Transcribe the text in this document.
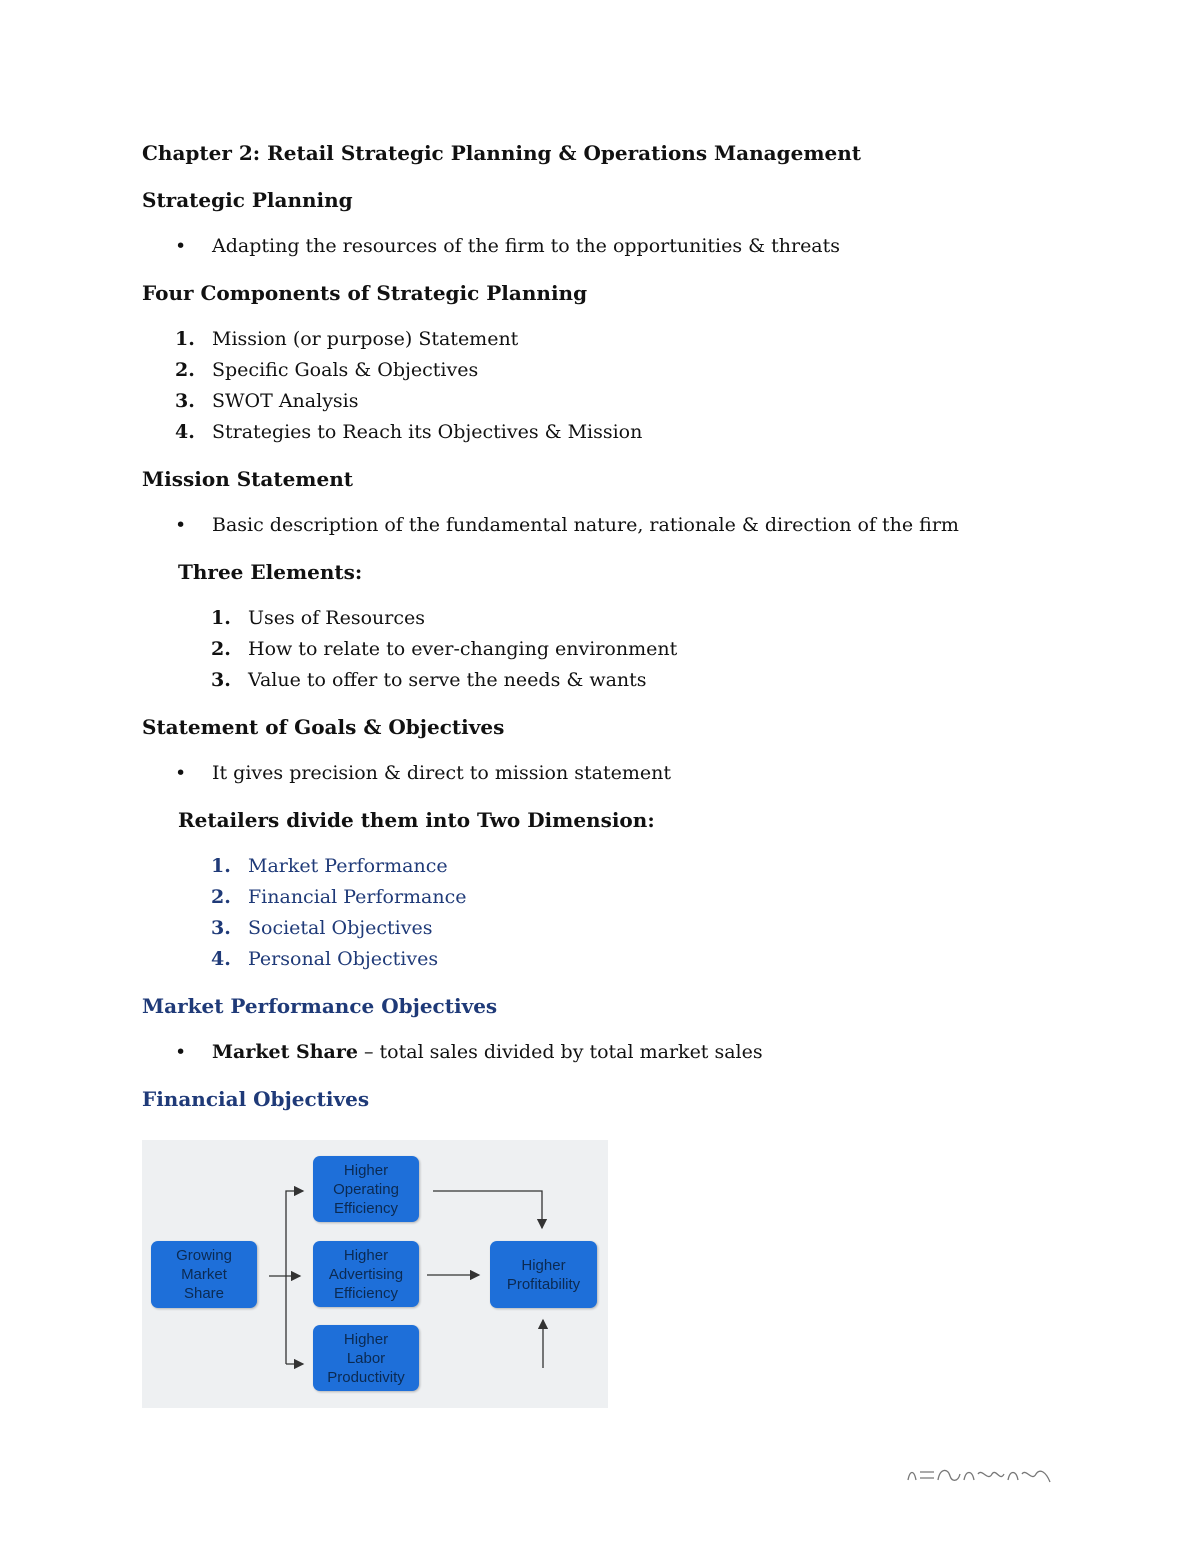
Chapter 2: Retail Strategic Planning & Operations Management

Strategic Planning

• Adapting the resources of the firm to the opportunities & threats

Four Components of Strategic Planning

1. Mission (or purpose) Statement
2. Specific Goals & Objectives
3. SWOT Analysis
4. Strategies to Reach its Objectives & Mission

Mission Statement

• Basic description of the fundamental nature, rationale & direction of the firm

Three Elements:

1. Uses of Resources
2. How to relate to ever-changing environment
3. Value to offer to serve the needs & wants

Statement of Goals & Objectives

• It gives precision & direct to mission statement

Retailers divide them into Two Dimension:

1. Market Performance
2. Financial Performance
3. Societal Objectives
4. Personal Objectives

Market Performance Objectives

• Market Share – total sales divided by total market sales

Financial Objectives

Growing
Market
Share
Higher
Operating
Efficiency
Higher
Advertising
Efficiency
Higher
Labor
Productivity
Higher
Profitability
